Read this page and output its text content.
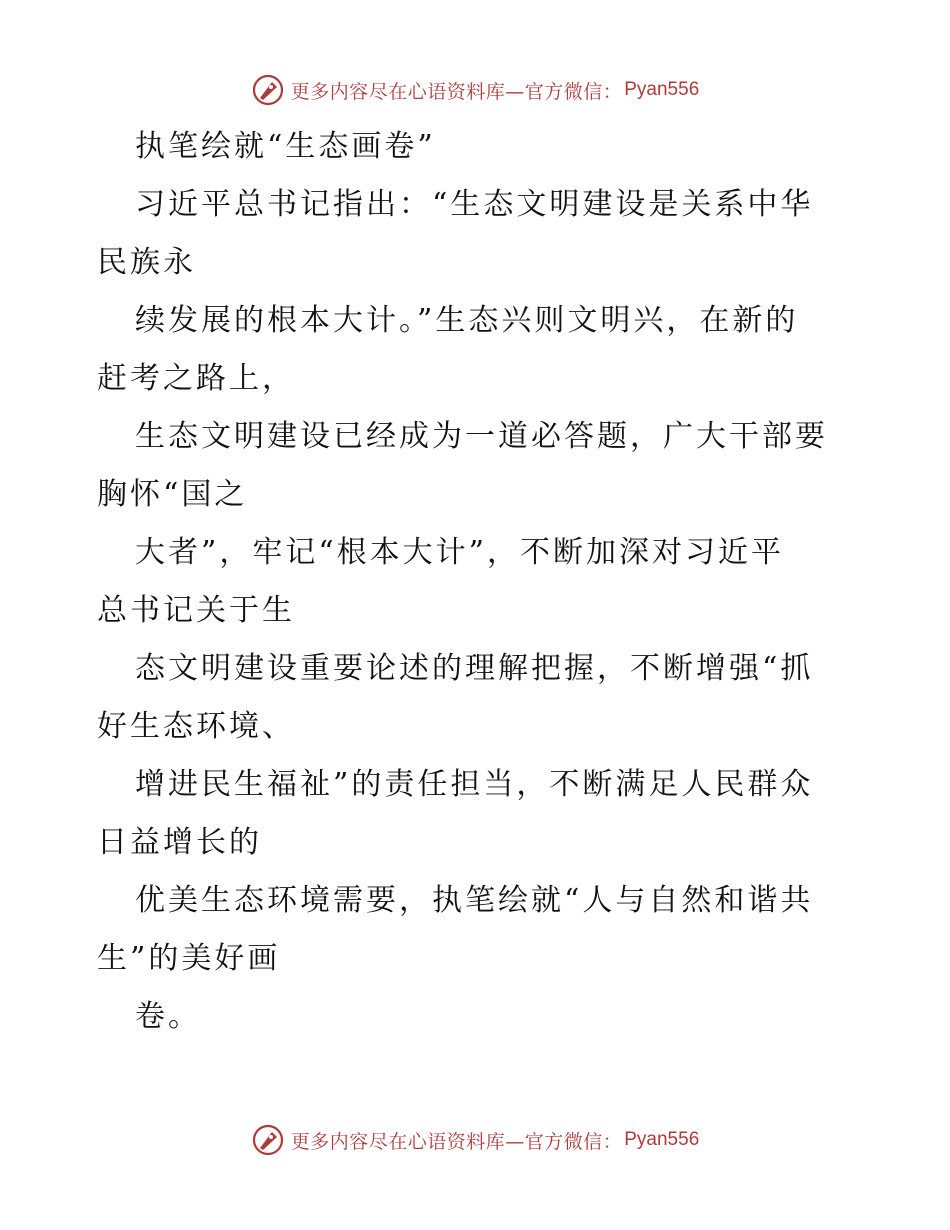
更多内容尽在心语资料库—官方微信： Pyan556
执笔绘就“生态画卷”
习近平总书记指出：“生态文明建设是关系中华
民族永
续发展的根本大计。”生态兴则文明兴，在新的
赶考之路上，
生态文明建设已经成为一道必答题，广大干部要
胸怀“国之
大者”，牢记“根本大计”，不断加深对习近平
总书记关于生
态文明建设重要论述的理解把握，不断增强“抓
好生态环境、
增进民生福祉”的责任担当，不断满足人民群众
日益增长的
优美生态环境需要，执笔绘就“人与自然和谐共
生”的美好画
卷。
更多内容尽在心语资料库—官方微信： Pyan556
